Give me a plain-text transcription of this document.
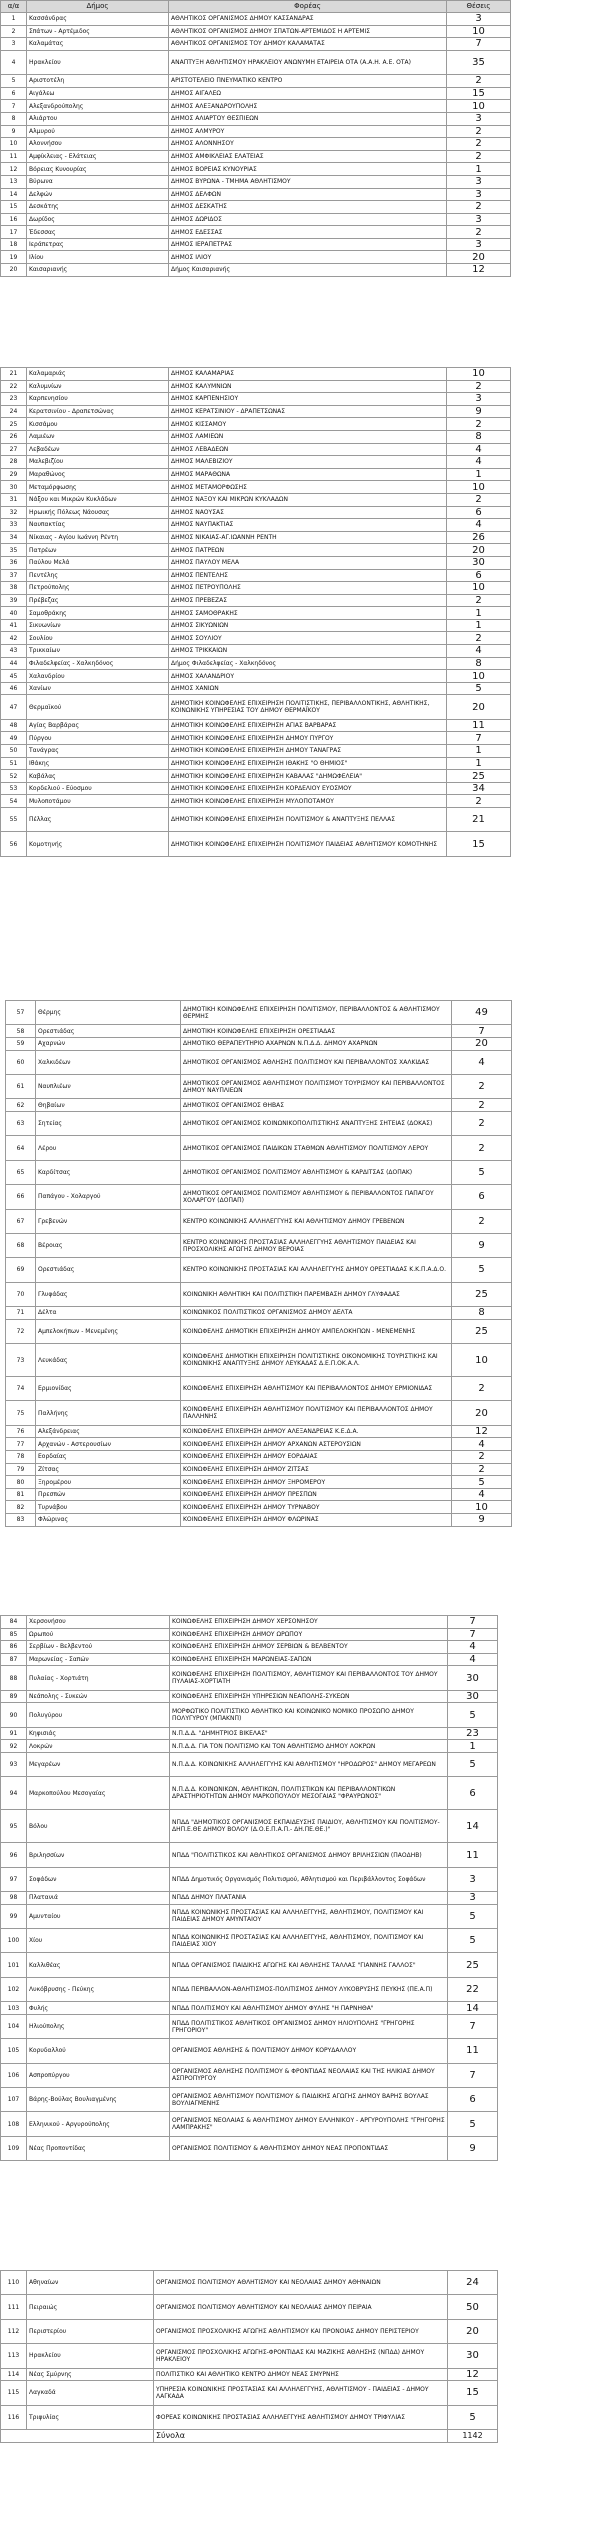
α/α	Δήμος	Φορέας	Θέσεις
1	Κασσάνδρας	ΑΘΛΗΤΙΚΟΣ ΟΡΓΑΝΙΣΜΟΣ ΔΗΜΟΥ ΚΑΣΣΑΝΔΡΑΣ	3
2	Σπάτων - Αρτέμιδος	ΑΘΛΗΤΙΚΟΣ ΟΡΓΑΝΙΣΜΟΣ ΔΗΜΟΥ ΣΠΑΤΩΝ-ΑΡΤΕΜΙΔΟΣ Η ΑΡΤΕΜΙΣ	10
3	Καλαμάτας	ΑΘΛΗΤΙΚΟΣ ΟΡΓΑΝΙΣΜΟΣ ΤΟΥ ΔΗΜΟΥ ΚΑΛΑΜΑΤΑΣ	7
4	Ηρακλείου	ΑΝΑΠΤΥΞΗ ΑΘΛΗΤΙΣΜΟΥ ΗΡΑΚΛΕΙΟΥ ΑΝΩΝΥΜΗ ΕΤΑΙΡΕΙΑ ΟΤΑ (Α.Α.Η. Α.Ε. ΟΤΑ)	35
5	Αριστοτέλη	ΑΡΙΣΤΟΤΕΛΕΙΟ ΠΝΕΥΜΑΤΙΚΟ ΚΕΝΤΡΟ	2
6	Αιγάλεω	ΔΗΜΟΣ ΑΙΓΑΛΕΩ	15
7	Αλεξανδρούπολης	ΔΗΜΟΣ ΑΛΕΞΑΝΔΡΟΥΠΟΛΗΣ	10
8	Αλιάρτου	ΔΗΜΟΣ ΑΛΙΑΡΤΟΥ ΘΕΣΠΙΕΩΝ	3
9	Αλμυρού	ΔΗΜΟΣ ΑΛΜΥΡΟΥ	2
10	Αλοννήσου	ΔΗΜΟΣ ΑΛΟΝΝΗΣΟΥ	2
11	Αμφίκλειας - Ελάτειας	ΔΗΜΟΣ ΑΜΦΙΚΛΕΙΑΣ ΕΛΑΤΕΙΑΣ	2
12	Βόρειας Κυνουρίας	ΔΗΜΟΣ ΒΟΡΕΙΑΣ ΚΥΝΟΥΡΙΑΣ	1
13	Βύρωνα	ΔΗΜΟΣ ΒΥΡΩΝΑ - ΤΜΗΜΑ ΑΘΛΗΤΙΣΜΟΥ	3
14	Δελφών	ΔΗΜΟΣ ΔΕΛΦΩΝ	3
15	Δεσκάτης	ΔΗΜΟΣ ΔΕΣΚΑΤΗΣ	2
16	Δωρίδος	ΔΗΜΟΣ ΔΩΡΙΔΟΣ	3
17	Έδεσσας	ΔΗΜΟΣ ΕΔΕΣΣΑΣ	2
18	Ιεράπετρας	ΔΗΜΟΣ ΙΕΡΑΠΕΤΡΑΣ	3
19	Ιλίου	ΔΗΜΟΣ ΙΛΙΟΥ	20
20	Καισαριανής	Δήμος Καισαριανής	12
21	Καλαμαριάς	ΔΗΜΟΣ ΚΑΛΑΜΑΡΙΑΣ	10
22	Καλυμνίων	ΔΗΜΟΣ ΚΑΛΥΜΝΙΩΝ	2
23	Καρπενησίου	ΔΗΜΟΣ ΚΑΡΠΕΝΗΣΙΟΥ	3
24	Κερατσινίου - Δραπετσώνας	ΔΗΜΟΣ ΚΕΡΑΤΣΙΝΙΟΥ - ΔΡΑΠΕΤΣΩΝΑΣ	9
25	Κισσάμου	ΔΗΜΟΣ ΚΙΣΣΑΜΟΥ	2
26	Λαμιέων	ΔΗΜΟΣ ΛΑΜΙΕΩΝ	8
27	Λεβαδέων	ΔΗΜΟΣ ΛΕΒΑΔΕΩΝ	4
28	Μαλεβιζίου	ΔΗΜΟΣ ΜΑΛΕΒΙΖΙΟΥ	4
29	Μαραθώνος	ΔΗΜΟΣ ΜΑΡΑΘΩΝΑ	1
30	Μεταμόρφωσης	ΔΗΜΟΣ ΜΕΤΑΜΟΡΦΩΣΗΣ	10
31	Νάξου και Μικρών Κυκλάδων	ΔΗΜΟΣ ΝΑΞΟΥ ΚΑΙ ΜΙΚΡΩΝ ΚΥΚΛΑΔΩΝ	2
32	Ηρωικής Πόλεως Νάουσας	ΔΗΜΟΣ ΝΑΟΥΣΑΣ	6
33	Ναυπακτίας	ΔΗΜΟΣ ΝΑΥΠΑΚΤΙΑΣ	4
34	Νίκαιας - Αγίου Ιωάννη Ρέντη	ΔΗΜΟΣ ΝΙΚΑΙΑΣ-ΑΓ.ΙΩΑΝΝΗ ΡΕΝΤΗ	26
35	Πατρέων	ΔΗΜΟΣ ΠΑΤΡΕΩΝ	20
36	Παύλου Μελά	ΔΗΜΟΣ ΠΑΥΛΟΥ ΜΕΛΑ	30
37	Πεντέλης	ΔΗΜΟΣ ΠΕΝΤΕΛΗΣ	6
38	Πετρούπολης	ΔΗΜΟΣ ΠΕΤΡΟΥΠΟΛΗΣ	10
39	Πρέβεζας	ΔΗΜΟΣ ΠΡΕΒΕΖΑΣ	2
40	Σαμοθράκης	ΔΗΜΟΣ ΣΑΜΟΘΡΑΚΗΣ	1
41	Σικυωνίων	ΔΗΜΟΣ ΣΙΚΥΩΝΙΩΝ	1
42	Σουλίου	ΔΗΜΟΣ ΣΟΥΛΙΟΥ	2
43	Τρικκαίων	ΔΗΜΟΣ ΤΡΙΚΚΑΙΩΝ	4
44	Φιλαδελφείας - Χαλκηδόνος	Δήμος Φιλαδελφείας - Χαλκηδόνος	8
45	Χαλανδρίου	ΔΗΜΟΣ ΧΑΛΑΝΔΡΙΟΥ	10
46	Χανίων	ΔΗΜΟΣ ΧΑΝΙΩΝ	5
47	Θερμαϊκού	ΔΗΜΟΤΙΚΗ ΚΟΙΝΩΦΕΛΗΣ ΕΠΙΧΕΙΡΗΣΗ ΠΟΛΙΤΙΣΤΙΚΗΣ, ΠΕΡΙΒΑΛΛΟΝΤΙΚΗΣ, ΑΘΛΗΤΙΚΗΣ, ΚΟΙΝΩΝΙΚΗΣ ΥΠΗΡΕΣΙΑΣ ΤΟΥ ΔΗΜΟΥ ΘΕΡΜΑΪΚΟΥ	20
48	Αγίας Βαρβάρας	ΔΗΜΟΤΙΚΗ ΚΟΙΝΩΦΕΛΗΣ ΕΠΙΧΕΙΡΗΣΗ ΑΓΙΑΣ ΒΑΡΒΑΡΑΣ	11
49	Πύργου	ΔΗΜΟΤΙΚΗ ΚΟΙΝΩΦΕΛΗΣ ΕΠΙΧΕΙΡΗΣΗ ΔΗΜΟΥ ΠΥΡΓΟΥ	7
50	Τανάγρας	ΔΗΜΟΤΙΚΗ ΚΟΙΝΩΦΕΛΗΣ ΕΠΙΧΕΙΡΗΣΗ ΔΗΜΟΥ ΤΑΝΑΓΡΑΣ	1
51	Ιθάκης	ΔΗΜΟΤΙΚΗ ΚΟΙΝΩΦΕΛΗΣ ΕΠΙΧΕΙΡΗΣΗ ΙΘΑΚΗΣ "Ο ΘΗΜΙΟΣ"	1
52	Καβάλας	ΔΗΜΟΤΙΚΗ ΚΟΙΝΩΦΕΛΗΣ ΕΠΙΧΕΙΡΗΣΗ ΚΑΒΑΛΑΣ "ΔΗΜΩΦΕΛΕΙΑ"	25
53	Κορδελιού - Εύοσμου	ΔΗΜΟΤΙΚΗ ΚΟΙΝΩΦΕΛΗΣ ΕΠΙΧΕΙΡΗΣΗ ΚΟΡΔΕΛΙΟΥ ΕΥΟΣΜΟΥ	34
54	Μυλοποτάμου	ΔΗΜΟΤΙΚΗ ΚΟΙΝΩΦΕΛΗΣ ΕΠΙΧΕΙΡΗΣΗ ΜΥΛΟΠΟΤΑΜΟΥ	2
55	Πέλλας	ΔΗΜΟΤΙΚΗ ΚΟΙΝΩΦΕΛΗΣ ΕΠΙΧΕΙΡΗΣΗ ΠΟΛΙΤΙΣΜΟΥ & ΑΝΑΠΤΥΞΗΣ ΠΕΛΛΑΣ	21
56	Κομοτηνής	ΔΗΜΟΤΙΚΗ ΚΟΙΝΩΦΕΛΗΣ ΕΠΙΧΕΙΡΗΣΗ ΠΟΛΙΤΙΣΜΟΥ ΠΑΙΔΕΙΑΣ ΑΘΛΗΤΙΣΜΟΥ ΚΟΜΟΤΗΝΗΣ	15
57	Θέρμης	ΔΗΜΟΤΙΚΗ ΚΟΙΝΩΦΕΛΗΣ ΕΠΙΧΕΙΡΗΣΗ ΠΟΛΙΤΙΣΜΟΥ, ΠΕΡΙΒΑΛΛΟΝΤΟΣ & ΑΘΛΗΤΙΣΜΟΥ ΘΕΡΜΗΣ	49
58	Ορεστιάδας	ΔΗΜΟΤΙΚΗ ΚΟΙΝΩΦΕΛΗΣ ΕΠΙΧΕΙΡΗΣΗ ΟΡΕΣΤΙΑΔΑΣ	7
59	Αχαρνών	ΔΗΜΟΤΙΚΟ ΘΕΡΑΠΕΥΤΗΡΙΟ ΑΧΑΡΝΩΝ Ν.Π.Δ.Δ. ΔΗΜΟΥ ΑΧΑΡΝΩΝ	20
60	Χαλκιδέων	ΔΗΜΟΤΙΚΟΣ ΟΡΓΑΝΙΣΜΟΣ ΑΘΛΗΣΗΣ ΠΟΛΙΤΙΣΜΟΥ ΚΑΙ ΠΕΡΙΒΑΛΛΟΝΤΟΣ ΧΑΛΚΙΔΑΣ	4
61	Ναυπλιέων	ΔΗΜΟΤΙΚΟΣ ΟΡΓΑΝΙΣΜΟΣ ΑΘΛΗΤΙΣΜΟΥ ΠΟΛΙΤΙΣΜΟΥ ΤΟΥΡΙΣΜΟΥ ΚΑΙ ΠΕΡΙΒΑΛΛΟΝΤΟΣ ΔΗΜΟΥ ΝΑΥΠΛΙΕΩΝ	2
62	Θηβαίων	ΔΗΜΟΤΙΚΟΣ ΟΡΓΑΝΙΣΜΟΣ ΘΗΒΑΣ	2
63	Σητείας	ΔΗΜΟΤΙΚΟΣ ΟΡΓΑΝΙΣΜΟΣ ΚΟΙΝΩΝΙΚΟΠΟΛΙΤΙΣΤΙΚΗΣ ΑΝΑΠΤΥΞΗΣ ΣΗΤΕΙΑΣ (ΔΟΚΑΣ)	2
64	Λέρου	ΔΗΜΟΤΙΚΟΣ ΟΡΓΑΝΙΣΜΟΣ ΠΑΙΔΙΚΩΝ ΣΤΑΘΜΩΝ ΑΘΛΗΤΙΣΜΟΥ ΠΟΛΙΤΙΣΜΟΥ ΛΕΡΟΥ	2
65	Καρδίτσας	ΔΗΜΟΤΙΚΟΣ ΟΡΓΑΝΙΣΜΟΣ ΠΟΛΙΤΙΣΜΟΥ ΑΘΛΗΤΙΣΜΟΥ & ΚΑΡΔΙΤΣΑΣ (ΔΟΠΑΚ)	5
66	Παπάγου - Χολαργού	ΔΗΜΟΤΙΚΟΣ ΟΡΓΑΝΙΣΜΟΣ ΠΟΛΙΤΙΣΜΟΥ ΑΘΛΗΤΙΣΜΟΥ & ΠΕΡΙΒΑΛΛΟΝΤΟΣ ΠΑΠΑΓΟΥ ΧΟΛΑΡΓΟΥ (ΔΟΠΑΠ)	6
67	Γρεβενών	ΚΕΝΤΡΟ ΚΟΙΝΩΝΙΚΗΣ ΑΛΛΗΛΕΓΓΥΗΣ ΚΑΙ ΑΘΛΗΤΙΣΜΟΥ ΔΗΜΟΥ ΓΡΕΒΕΝΩΝ	2
68	Βέροιας	ΚΕΝΤΡΟ ΚΟΙΝΩΝΙΚΗΣ ΠΡΟΣΤΑΣΙΑΣ ΑΛΛΗΛΕΓΓΥΗΣ ΑΘΛΗΤΙΣΜΟΥ ΠΑΙΔΕΙΑΣ ΚΑΙ ΠΡΟΣΧΟΛΙΚΗΣ ΑΓΩΓΗΣ ΔΗΜΟΥ ΒΕΡΟΙΑΣ	9
69	Ορεστιάδας	ΚΕΝΤΡΟ ΚΟΙΝΩΝΙΚΗΣ ΠΡΟΣΤΑΣΙΑΣ ΚΑΙ ΑΛΛΗΛΕΓΓΥΗΣ ΔΗΜΟΥ ΟΡΕΣΤΙΑΔΑΣ Κ.Κ.Π.Α.Δ.Ο.	5
70	Γλυφάδας	ΚΟΙΝΩΝΙΚΗ ΑΘΛΗΤΙΚΗ ΚΑΙ ΠΟΛΙΤΙΣΤΙΚΗ ΠΑΡΕΜΒΑΣΗ ΔΗΜΟΥ ΓΛΥΦΑΔΑΣ	25
71	Δέλτα	ΚΟΙΝΩΝΙΚΟΣ ΠΟΛΙΤΙΣΤΙΚΟΣ ΟΡΓΑΝΙΣΜΟΣ ΔΗΜΟΥ ΔΕΛΤΑ	8
72	Αμπελοκήπων - Μενεμένης	ΚΟΙΝΩΦΕΛΗΣ ΔΗΜΟΤΙΚΗ ΕΠΙΧΕΙΡΗΣΗ ΔΗΜΟΥ ΑΜΠΕΛΟΚΗΠΩΝ - ΜΕΝΕΜΕΝΗΣ	25
73	Λευκάδας	ΚΟΙΝΩΦΕΛΗΣ ΔΗΜΟΤΙΚΗ ΕΠΙΧΕΙΡΗΣΗ ΠΟΛΙΤΙΣΤΙΚΗΣ ΟΙΚΟΝΟΜΙΚΗΣ ΤΟΥΡΙΣΤΙΚΗΣ ΚΑΙ ΚΟΙΝΩΝΙΚΗΣ ΑΝΑΠΤΥΞΗΣ ΔΗΜΟΥ ΛΕΥΚΑΔΑΣ Δ.Ε.Π.ΟΚ.Α.Λ.	10
74	Ερμιονίδας	ΚΟΙΝΩΦΕΛΗΣ ΕΠΙΧΕΙΡΗΣΗ ΑΘΛΗΤΙΣΜΟΥ ΚΑΙ ΠΕΡΙΒΑΛΛΟΝΤΟΣ ΔΗΜΟΥ ΕΡΜΙΟΝΙΔΑΣ	2
75	Παλλήνης	ΚΟΙΝΩΦΕΛΗΣ ΕΠΙΧΕΙΡΗΣΗ ΑΘΛΗΤΙΣΜΟΥ ΠΟΛΙΤΙΣΜΟΥ ΚΑΙ ΠΕΡΙΒΑΛΛΟΝΤΟΣ ΔΗΜΟΥ ΠΑΛΛΗΝΗΣ	20
76	Αλεξάνδρειας	ΚΟΙΝΩΦΕΛΗΣ ΕΠΙΧΕΙΡΗΣΗ ΔΗΜΟΥ ΑΛΕΞΑΝΔΡΕΙΑΣ Κ.Ε.Δ.Α.	12
77	Αρχανών - Αστερουσίων	ΚΟΙΝΩΦΕΛΗΣ ΕΠΙΧΕΙΡΗΣΗ ΔΗΜΟΥ ΑΡΧΑΝΩΝ ΑΣΤΕΡΟΥΣΙΩΝ	4
78	Εορδαίας	ΚΟΙΝΩΦΕΛΗΣ ΕΠΙΧΕΙΡΗΣΗ ΔΗΜΟΥ ΕΟΡΔΑΙΑΣ	2
79	Ζίτσας	ΚΟΙΝΩΦΕΛΗΣ ΕΠΙΧΕΙΡΗΣΗ ΔΗΜΟΥ ΖΙΤΣΑΣ	2
80	Ξηρομέρου	ΚΟΙΝΩΦΕΛΗΣ ΕΠΙΧΕΙΡΗΣΗ ΔΗΜΟΥ ΞΗΡΟΜΕΡΟΥ	5
81	Πρεσπών	ΚΟΙΝΩΦΕΛΗΣ ΕΠΙΧΕΙΡΗΣΗ ΔΗΜΟΥ ΠΡΕΣΠΩΝ	4
82	Τυρνάβου	ΚΟΙΝΩΦΕΛΗΣ ΕΠΙΧΕΙΡΗΣΗ ΔΗΜΟΥ ΤΥΡΝΑΒΟΥ	10
83	Φλώρινας	ΚΟΙΝΩΦΕΛΗΣ ΕΠΙΧΕΙΡΗΣΗ ΔΗΜΟΥ ΦΛΩΡΙΝΑΣ	9
84	Χερσονήσου	ΚΟΙΝΩΦΕΛΗΣ ΕΠΙΧΕΙΡΗΣΗ ΔΗΜΟΥ ΧΕΡΣΟΝΗΣΟΥ	7
85	Ωρωπού	ΚΟΙΝΩΦΕΛΗΣ ΕΠΙΧΕΙΡΗΣΗ ΔΗΜΟΥ ΩΡΩΠΟΥ	7
86	Σερβίων - Βελβεντού	ΚΟΙΝΩΦΕΛΗΣ ΕΠΙΧΕΙΡΗΣΗ ΔΗΜΟΥ ΣΕΡΒΙΩΝ & ΒΕΛΒΕΝΤΟΥ	4
87	Μαρωνείας - Σαπών	ΚΟΙΝΩΦΕΛΗΣ ΕΠΙΧΕΙΡΗΣΗ ΜΑΡΩΝΕΙΑΣ-ΣΑΠΩΝ	4
88	Πυλαίας - Χορτιάτη	ΚΟΙΝΩΦΕΛΗΣ ΕΠΙΧΕΙΡΗΣΗ ΠΟΛΙΤΙΣΜΟΥ, ΑΘΛΗΤΙΣΜΟΥ ΚΑΙ ΠΕΡΙΒΑΛΛΟΝΤΟΣ ΤΟΥ ΔΗΜΟΥ ΠΥΛΑΙΑΣ-ΧΟΡΤΙΑΤΗ	30
89	Νεάπολης - Συκεών	ΚΟΙΝΩΦΕΛΗΣ ΕΠΙΧΕΙΡΗΣΗ ΥΠΗΡΕΣΙΩΝ ΝΕΑΠΟΛΗΣ-ΣΥΚΕΩΝ	30
90	Πολυγύρου	ΜΟΡΦΩΤΙΚΟ ΠΟΛΙΤΙΣΤΙΚΟ ΑΘΛΗΤΙΚΟ ΚΑΙ ΚΟΙΝΩΝΙΚΟ ΝΟΜΙΚΟ ΠΡΟΣΩΠΟ ΔΗΜΟΥ ΠΟΛΥΓΥΡΟΥ (ΜΠΑΚΝΠ)	5
91	Κηφισιάς	Ν.Π.Δ.Δ. "ΔΗΜΗΤΡΙΟΣ ΒΙΚΕΛΑΣ"	23
92	Λοκρών	Ν.Π.Δ.Δ. ΓΙΑ ΤΟΝ ΠΟΛΙΤΙΣΜΟ ΚΑΙ ΤΟΝ ΑΘΛΗΤΙΣΜΟ ΔΗΜΟΥ ΛΟΚΡΩΝ	1
93	Μεγαρέων	Ν.Π.Δ.Δ. ΚΟΙΝΩΝΙΚΗΣ ΑΛΛΗΛΕΓΓΥΗΣ ΚΑΙ ΑΘΛΗΤΙΣΜΟΥ "ΗΡΟΔΩΡΟΣ" ΔΗΜΟΥ ΜΕΓΑΡΕΩΝ	5
94	Μαρκοπούλου Μεσογαίας	Ν.Π.Δ.Δ. ΚΟΙΝΩΝΙΚΩΝ, ΑΘΛΗΤΙΚΩΝ, ΠΟΛΙΤΙΣΤΙΚΩΝ ΚΑΙ ΠΕΡΙΒΑΛΛΟΝΤΙΚΩΝ ΔΡΑΣΤΗΡΙΟΤΗΤΩΝ ΔΗΜΟΥ ΜΑΡΚΟΠΟΥΛΟΥ ΜΕΣΟΓΑΙΑΣ "ΦΡΑΥΡΩΝΟΣ"	6
95	Βόλου	ΝΠΔΔ "ΔΗΜΟΤΙΚΟΣ ΟΡΓΑΝΙΣΜΟΣ ΕΚΠΑΙΔΕΥΣΗΣ ΠΑΙΔΙΟΥ, ΑΘΛΗΤΙΣΜΟΥ ΚΑΙ ΠΟΛΙΤΙΣΜΟΥ-ΔΗΠ.Ε.ΘΕ ΔΗΜΟΥ ΒΟΛΟΥ (Δ.Ο.Ε.Π.Α.Π.- ΔΗ.ΠΕ.ΘΕ.)"	14
96	Βριλησσίων	ΝΠΔΔ "ΠΟΛΙΤΙΣΤΙΚΟΣ ΚΑΙ ΑΘΛΗΤΙΚΟΣ ΟΡΓΑΝΙΣΜΟΣ ΔΗΜΟΥ ΒΡΙΛΗΣΣΙΩΝ (ΠΑΟΔΗΒ)	11
97	Σοφάδων	ΝΠΔΔ Δημοτικός Οργανισμός Πολιτισμού, Αθλητισμού και Περιβάλλοντος Σοφάδων	3
98	Πλατανιά	ΝΠΔΔ ΔΗΜΟΥ ΠΛΑΤΑΝΙΑ	3
99	Αμυνταίου	ΝΠΔΔ ΚΟΙΝΩΝΙΚΗΣ ΠΡΟΣΤΑΣΙΑΣ ΚΑΙ ΑΛΛΗΛΕΓΓΥΗΣ, ΑΘΛΗΤΙΣΜΟΥ, ΠΟΛΙΤΙΣΜΟΥ ΚΑΙ ΠΑΙΔΕΙΑΣ ΔΗΜΟΥ ΑΜΥΝΤΑΙΟΥ	5
100	Χίου	ΝΠΔΔ ΚΟΙΝΩΝΙΚΗΣ ΠΡΟΣΤΑΣΙΑΣ ΚΑΙ ΑΛΛΗΛΕΓΓΥΗΣ, ΑΘΛΗΤΙΣΜΟΥ, ΠΟΛΙΤΙΣΜΟΥ ΚΑΙ ΠΑΙΔΕΙΑΣ ΧΙΟΥ	5
101	Καλλιθέας	ΝΠΔΔ ΟΡΓΑΝΙΣΜΟΣ ΠΑΙΔΙΚΗΣ ΑΓΩΓΗΣ ΚΑΙ ΑΘΛΗΣΗΣ ΤΑΛΛΑΣ "ΓΙΑΝΝΗΣ ΓΑΛΛΟΣ"	25
102	Λυκόβρυσης - Πεύκης	ΝΠΔΔ ΠΕΡΙΒΑΛΛΟΝ-ΑΘΛΗΤΙΣΜΟΣ-ΠΟΛΙΤΙΣΜΟΣ ΔΗΜΟΥ ΛΥΚΟΒΡΥΣΗΣ ΠΕΥΚΗΣ (ΠΕ.Α.Π)	22
103	Φυλής	ΝΠΔΔ ΠΟΛΙΤΙΣΜΟΥ ΚΑΙ ΑΘΛΗΤΙΣΜΟΥ ΔΗΜΟΥ ΦΥΛΗΣ "Η ΠΑΡΝΗΘΑ"	14
104	Ηλιούπολης	ΝΠΔΔ ΠΟΛΙΤΙΣΤΙΚΟΣ ΑΘΛΗΤΙΚΟΣ ΟΡΓΑΝΙΣΜΟΣ ΔΗΜΟΥ ΗΛΙΟΥΠΟΛΗΣ "ΓΡΗΓΟΡΗΣ ΓΡΗΓΟΡΙΟΥ"	7
105	Κορυδαλλού	ΟΡΓΑΝΙΣΜΟΣ ΑΘΛΗΣΗΣ & ΠΟΛΙΤΙΣΜΟΥ ΔΗΜΟΥ ΚΟΡΥΔΑΛΛΟΥ	11
106	Ασπροπύργου	ΟΡΓΑΝΙΣΜΟΣ ΑΘΛΗΣΗΣ ΠΟΛΙΤΙΣΜΟΥ & ΦΡΟΝΤΙΔΑΣ ΝΕΟΛΑΙΑΣ ΚΑΙ ΤΗΣ ΗΛΙΚΙΑΣ ΔΗΜΟΥ ΑΣΠΡΟΠΥΡΓΟΥ	7
107	Βάρης-Βούλας Βουλιαγμένης	ΟΡΓΑΝΙΣΜΟΣ ΑΘΛΗΤΙΣΜΟΥ ΠΟΛΙΤΙΣΜΟΥ & ΠΑΙΔΙΚΗΣ ΑΓΩΓΗΣ ΔΗΜΟΥ ΒΑΡΗΣ ΒΟΥΛΑΣ ΒΟΥΛΙΑΓΜΕΝΗΣ	6
108	Ελληνικού - Αργυρούπολης	ΟΡΓΑΝΙΣΜΟΣ ΝΕΟΛΑΙΑΣ & ΑΘΛΗΤΙΣΜΟΥ ΔΗΜΟΥ ΕΛΛΗΝΙΚΟΥ - ΑΡΓΥΡΟΥΠΟΛΗΣ "ΓΡΗΓΟΡΗΣ ΛΑΜΠΡΑΚΗΣ"	5
109	Νέας Προποντίδας	ΟΡΓΑΝΙΣΜΟΣ ΠΟΛΙΤΙΣΜΟΥ & ΑΘΛΗΤΙΣΜΟΥ ΔΗΜΟΥ ΝΕΑΣ ΠΡΟΠΟΝΤΙΔΑΣ	9
110	Αθηναίων	ΟΡΓΑΝΙΣΜΟΣ ΠΟΛΙΤΙΣΜΟΥ ΑΘΛΗΤΙΣΜΟΥ ΚΑΙ ΝΕΟΛΑΙΑΣ ΔΗΜΟΥ ΑΘΗΝΑΙΩΝ	24
111	Πειραιώς	ΟΡΓΑΝΙΣΜΟΣ ΠΟΛΙΤΙΣΜΟΥ ΑΘΛΗΤΙΣΜΟΥ ΚΑΙ ΝΕΟΛΑΙΑΣ ΔΗΜΟΥ ΠΕΙΡΑΙΑ	50
112	Περιστερίου	ΟΡΓΑΝΙΣΜΟΣ ΠΡΟΣΧΟΛΙΚΗΣ ΑΓΩΓΗΣ ΑΘΛΗΤΙΣΜΟΥ ΚΑΙ ΠΡΟΝΟΙΑΣ ΔΗΜΟΥ ΠΕΡΙΣΤΕΡΙΟΥ	20
113	Ηρακλείου	ΟΡΓΑΝΙΣΜΟΣ ΠΡΟΣΧΟΛΙΚΗΣ ΑΓΩΓΗΣ-ΦΡΟΝΤΙΔΑΣ ΚΑΙ ΜΑΖΙΚΗΣ ΑΘΛΗΣΗΣ (ΝΠΔΔ) ΔΗΜΟΥ ΗΡΑΚΛΕΙΟΥ	30
114	Νέας Σμύρνης	ΠΟΛΙΤΙΣΤΙΚΟ ΚΑΙ ΑΘΛΗΤΙΚΟ ΚΕΝΤΡΟ ΔΗΜΟΥ ΝΕΑΣ ΣΜΥΡΝΗΣ	12
115	Λαγκαδά	ΥΠΗΡΕΣΙΑ ΚΟΙΝΩΝΙΚΗΣ ΠΡΟΣΤΑΣΙΑΣ ΚΑΙ ΑΛΛΗΛΕΓΓΥΗΣ, ΑΘΛΗΤΙΣΜΟΥ - ΠΑΙΔΕΙΑΣ - ΔΗΜΟΥ ΛΑΓΚΑΔΑ	15
116	Τριφυλίας	ΦΟΡΕΑΣ ΚΟΙΝΩΝΙΚΗΣ ΠΡΟΣΤΑΣΙΑΣ ΑΛΛΗΛΕΓΓΥΗΣ ΑΘΛΗΤΙΣΜΟΥ ΔΗΜΟΥ ΤΡΙΦΥΛΙΑΣ	5
		Σύνολα	1142
